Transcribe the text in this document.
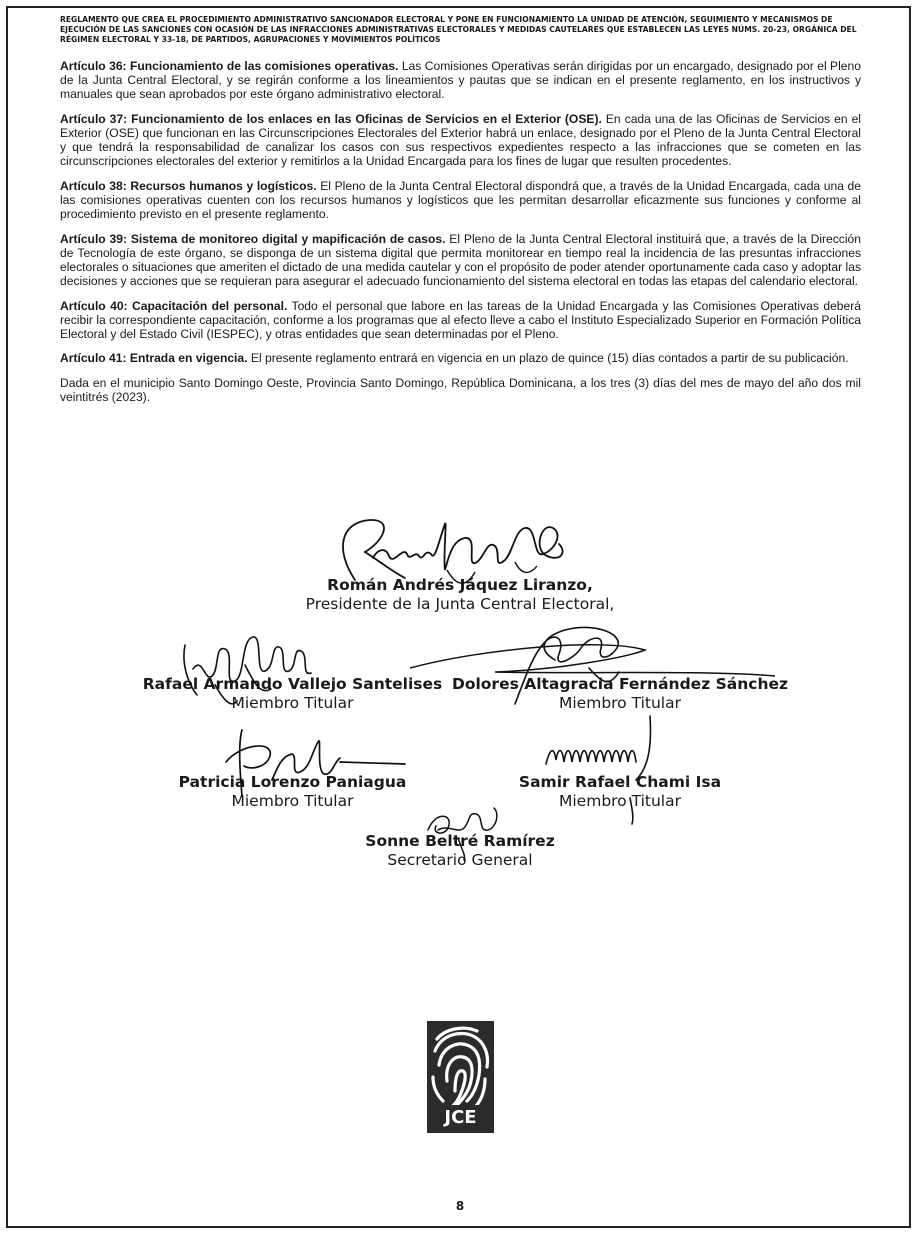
REGLAMENTO QUE CREA EL PROCEDIMIENTO ADMINISTRATIVO SANCIONADOR ELECTORAL Y PONE EN FUNCIONAMIENTO LA UNIDAD DE ATENCIÓN, SEGUIMIENTO Y MECANISMOS DE EJECUCIÓN DE LAS SANCIONES CON OCASIÓN DE LAS INFRACCIONES ADMINISTRATIVAS ELECTORALES Y MEDIDAS CAUTELARES QUE ESTABLECEN LAS LEYES NÚMS. 20-23, ORGÁNICA DEL RÉGIMEN ELECTORAL Y 33-18, DE PARTIDOS, AGRUPACIONES Y MOVIMIENTOS POLÍTICOS

Artículo 36: Funcionamiento de las comisiones operativas. Las Comisiones Operativas serán dirigidas por un encargado, designado por el Pleno de la Junta Central Electoral, y se regirán conforme a los lineamientos y pautas que se indican en el presente reglamento, en los instructivos y manuales que sean aprobados por este órgano administrativo electoral.

Artículo 37: Funcionamiento de los enlaces en las Oficinas de Servicios en el Exterior (OSE). En cada una de las Oficinas de Servicios en el Exterior (OSE) que funcionan en las Circunscripciones Electorales del Exterior habrá un enlace, designado por el Pleno de la Junta Central Electoral y que tendrá la responsabilidad de canalizar los casos con sus respectivos expedientes respecto a las infracciones que se cometen en las circunscripciones electorales del exterior y remitirlos a la Unidad Encargada para los fines de lugar que resulten procedentes.

Artículo 38: Recursos humanos y logísticos. El Pleno de la Junta Central Electoral dispondrá que, a través de la Unidad Encargada, cada una de las comisiones operativas cuenten con los recursos humanos y logísticos que les permitan desarrollar eficazmente sus funciones y conforme al procedimiento previsto en el presente reglamento.

Artículo 39: Sistema de monitoreo digital y mapificación de casos. El Pleno de la Junta Central Electoral instituirá que, a través de la Dirección de Tecnología de este órgano, se disponga de un sistema digital que permita monitorear en tiempo real la incidencia de las presuntas infracciones electorales o situaciones que ameriten el dictado de una medida cautelar y con el propósito de poder atender oportunamente cada caso y adoptar las decisiones y acciones que se requieran para asegurar el adecuado funcionamiento del sistema electoral en todas las etapas del calendario electoral.

Artículo 40: Capacitación del personal. Todo el personal que labore en las tareas de la Unidad Encargada y las Comisiones Operativas deberá recibir la correspondiente capacitación, conforme a los programas que al efecto lleve a cabo el Instituto Especializado Superior en Formación Política Electoral y del Estado Civil (IESPEC), y otras entidades que sean determinadas por el Pleno.

Artículo 41: Entrada en vigencia. El presente reglamento entrará en vigencia en un plazo de quince (15) días contados a partir de su publicación.

Dada en el municipio Santo Domingo Oeste, Provincia Santo Domingo, República Dominicana, a los tres (3) días del mes de mayo del año dos mil veintitrés (2023).

Román Andrés Jáquez Liranzo,
Presidente de la Junta Central Electoral,
Rafael Armando Vallejo Santelises
Miembro Titular
Dolores Altagracia Fernández Sánchez
Miembro Titular
Patricia Lorenzo Paniagua
Miembro Titular
Samir Rafael Chami Isa
Miembro Titular
Sonne Beltré Ramírez
Secretario General
JCE
8
